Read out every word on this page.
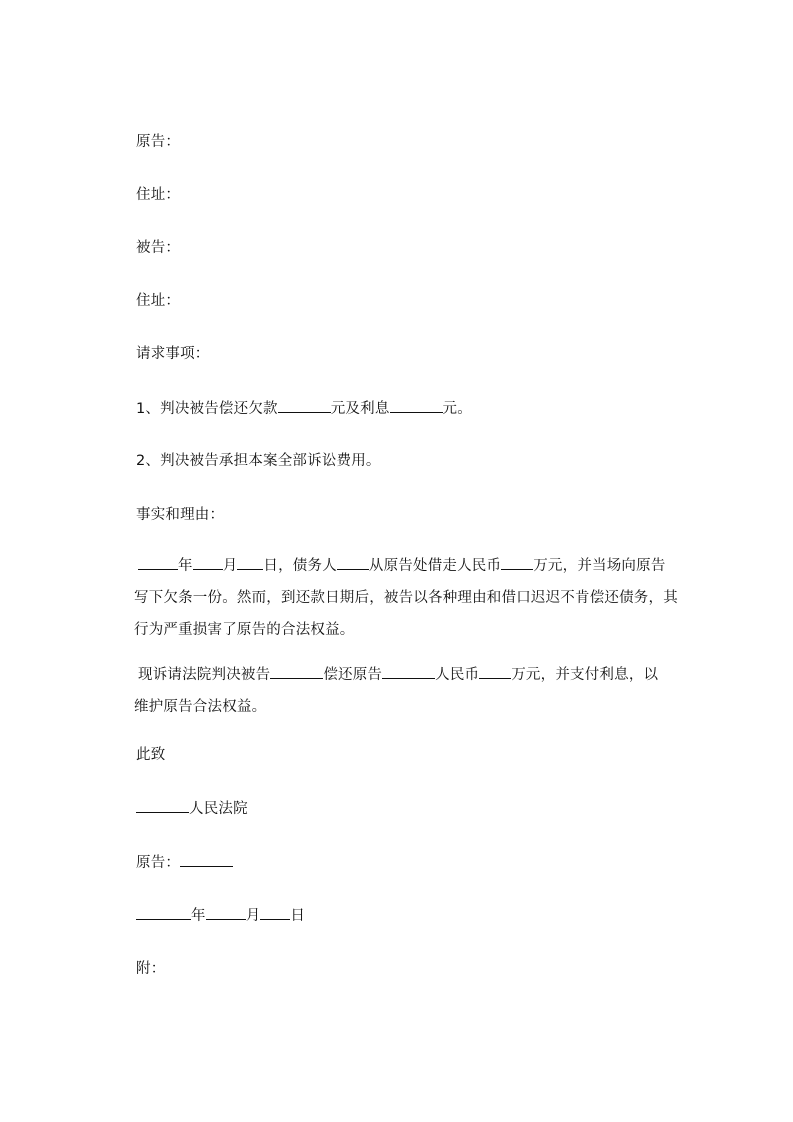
原告：
住址：
被告：
住址：
请求事项：
1、判决被告偿还欠款	元及利息	元。
2、判决被告承担本案全部诉讼费用。
事实和理由：
年 月 日，债务人 从原告处借走人民币 万元，并当场向原告
写下欠条一份。然而，到还款日期后，被告以各种理由和借口迟迟不肯偿还债务，其
行为严重损害了原告的合法权益。
现诉请法院判决被告	偿还原告	人民币 万元，并支付利息，以
维护原告合法权益。
此致
人民法院
原告：
年	月 日
附：
